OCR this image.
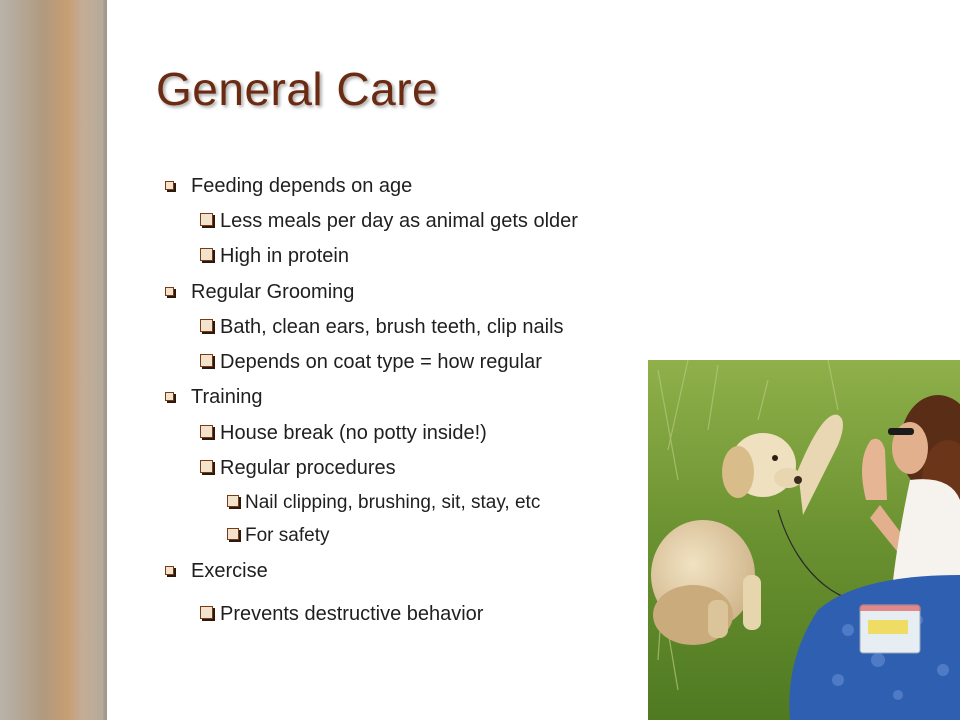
General Care
Feeding depends on age
Less meals per day as animal gets older
High in protein
Regular Grooming
Bath, clean ears, brush teeth, clip nails
Depends on coat type = how regular
Training
House break (no potty inside!)
Regular procedures
Nail clipping, brushing, sit, stay, etc
For safety
Exercise
Prevents destructive behavior
